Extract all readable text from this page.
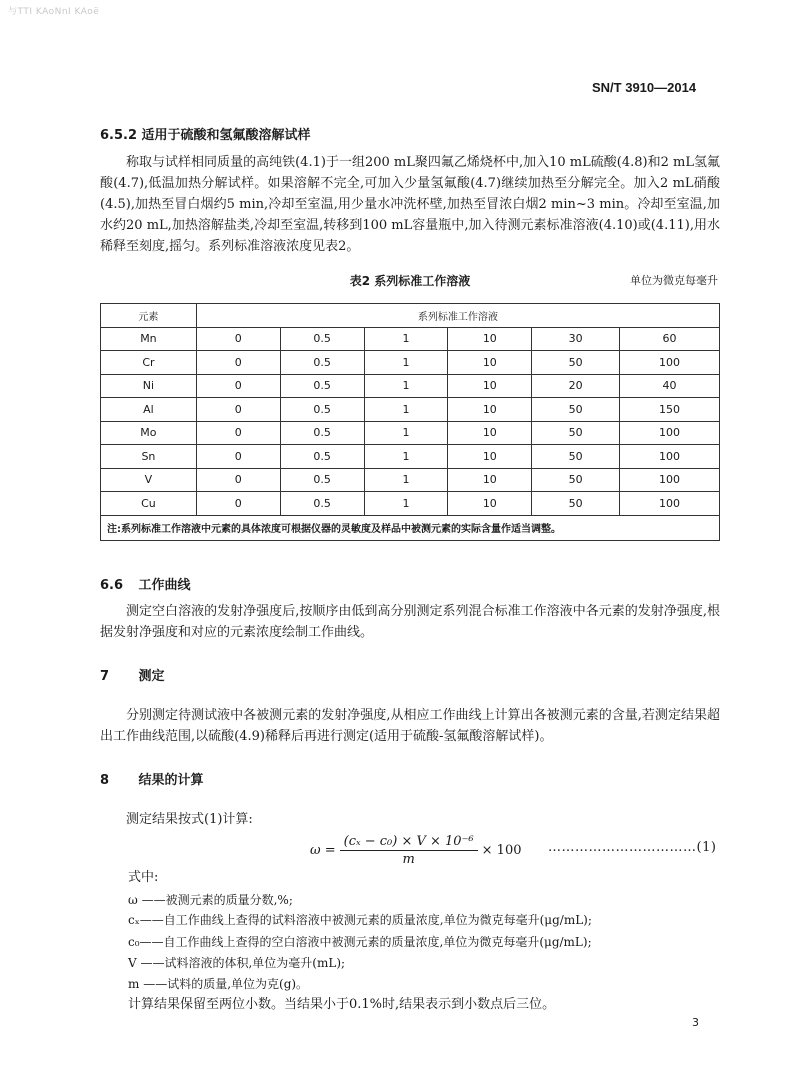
与TTI KAoNnI KAoё
SN/T 3910—2014
6.5.2 适用于硫酸和氢氟酸溶解试样
称取与试样相同质量的高纯铁(4.1)于一组200 mL聚四氟乙烯烧杯中,加入10 mL硫酸(4.8)和2 mL氢氟酸(4.7),低温加热分解试样。如果溶解不完全,可加入少量氢氟酸(4.7)继续加热至分解完全。加入2 mL硝酸(4.5),加热至冒白烟约5 min,冷却至室温,用少量水冲洗杯壁,加热至冒浓白烟2 min~3 min。冷却至室温,加水约20 mL,加热溶解盐类,冷却至室温,转移到100 mL容量瓶中,加入待测元素标准溶液(4.10)或(4.11),用水稀释至刻度,摇匀。系列标准溶液浓度见表2。
表2 系列标准工作溶液	单位为微克每毫升
元素	系列标准工作溶液					
Mn	0	0.5	1	10	30	60
Cr	0	0.5	1	10	50	100
Ni	0	0.5	1	10	20	40
Al	0	0.5	1	10	50	150
Mo	0	0.5	1	10	50	100
Sn	0	0.5	1	10	50	100
V	0	0.5	1	10	50	100
Cu	0	0.5	1	10	50	100
注:系列标准工作溶液中元素的具体浓度可根据仪器的灵敏度及样品中被测元素的实际含量作适当调整。						
6.6 工作曲线
测定空白溶液的发射净强度后,按顺序由低到高分别测定系列混合标准工作溶液中各元素的发射净强度,根据发射净强度和对应的元素浓度绘制工作曲线。
7 测定
分别测定待测试液中各被测元素的发射净强度,从相应工作曲线上计算出各被测元素的含量,若测定结果超出工作曲线范围,以硫酸(4.9)稀释后再进行测定(适用于硫酸-氢氟酸溶解试样)。
8 结果的计算
测定结果按式(1)计算:
$\omega = \frac{\text{(cₓ − c₀) × V × 10⁻⁶}}{m} \times 100$ ……………………………(1)
式中:
ω ——被测元素的质量分数,%;
cₓ——自工作曲线上查得的试料溶液中被测元素的质量浓度,单位为微克每毫升(μg/mL);
c₀——自工作曲线上查得的空白溶液中被测元素的质量浓度,单位为微克每毫升(μg/mL);
V ——试料溶液的体积,单位为毫升(mL);
m ——试料的质量,单位为克(g)。
计算结果保留至两位小数。当结果小于0.1%时,结果表示到小数点后三位。
3
